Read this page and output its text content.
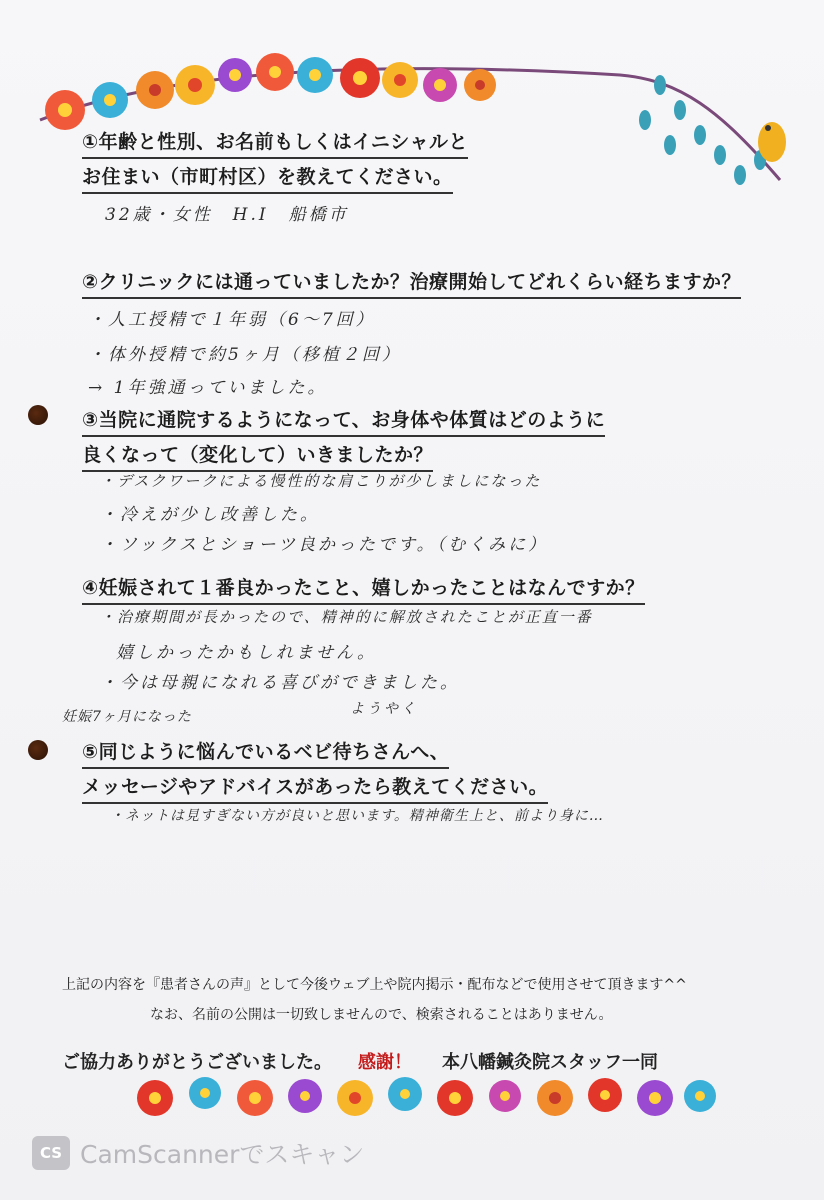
①年齢と性別、お名前もしくはイニシャルと
お住まい（市町村区）を教えてください。
32歳・女性　H.I　船橋市
②クリニックには通っていましたか？治療開始してどれくらい経ちますか？
・人工授精で１年弱（6〜7回）
・体外授精で約5ヶ月（移植２回）
→ 1年強通っていました。
③当院に通院するようになって、お身体や体質はどのように
良くなって（変化して）いきましたか？
・デスクワークによる慢性的な肩こりが少しましになった
・冷えが少し改善した。
・ソックスとショーツ良かったです。（むくみに）
④妊娠されて１番良かったこと、嬉しかったことはなんですか？
・治療期間が長かったので、精神的に解放されたことが正直一番
嬉しかったかもしれません。
・今は母親になれる喜びができました。
妊娠7ヶ月になった	ようやく
⑤同じように悩んでいるベビ待ちさんへ、
メッセージやアドバイスがあったら教えてください。
・ネットは見すぎない方が良いと思います。精神衛生上と、前より身に…
上記の内容を『患者さんの声』として今後ウェブ上や院内掲示・配布などで使用させて頂きます^^
なお、名前の公開は一切致しませんので、検索されることはありません。
ご協力ありがとうございました。 感謝！ 本八幡鍼灸院スタッフ一同
CS CamScannerでスキャン
